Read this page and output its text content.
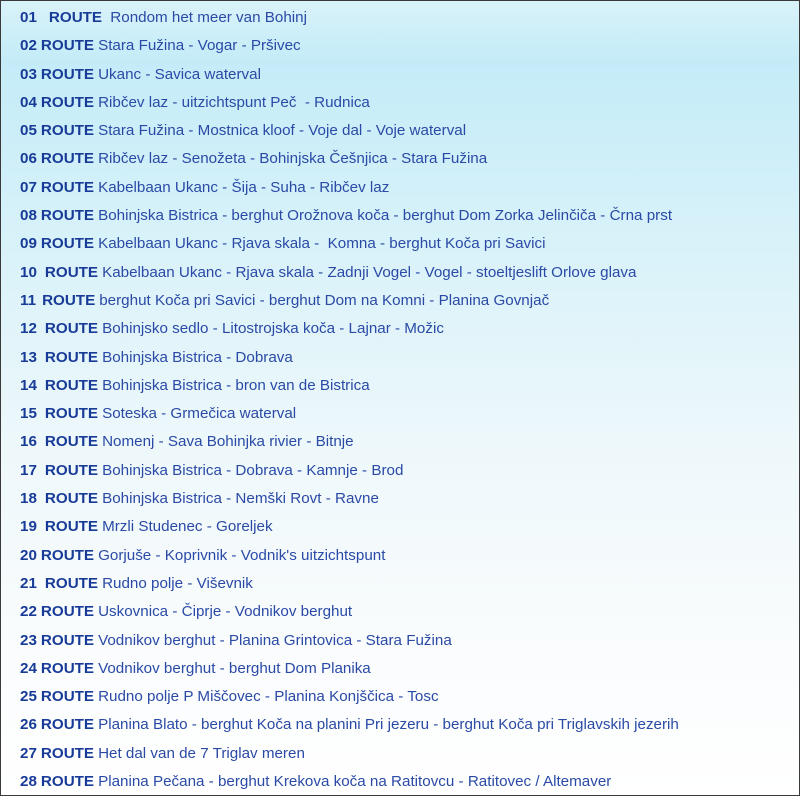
01 ROUTE Rondom het meer van Bohinj
02 ROUTE Stara Fužina - Vogar - Pršivec
03 ROUTE Ukanc - Savica waterval
04 ROUTE Ribčev laz - uitzichtspunt Peč  - Rudnica
05 ROUTE Stara Fužina - Mostnica kloof - Voje dal - Voje waterval
06 ROUTE Ribčev laz - Senožeta - Bohinjska Češnjica - Stara Fužina
07 ROUTE Kabelbaan Ukanc - Šija - Suha - Ribčev laz
08 ROUTE Bohinjska Bistrica - berghut Orožnova koča - berghut Dom Zorka Jelinčiča - Črna prst
09 ROUTE Kabelbaan Ukanc - Rjava skala -  Komna - berghut Koča pri Savici
10 ROUTE Kabelbaan Ukanc - Rjava skala - Zadnji Vogel - Vogel - stoeltjeslift Orlove glava
11 ROUTE berghut Koča pri Savici - berghut Dom na Komni - Planina Govnjač
12 ROUTE Bohinjsko sedlo - Litostrojska koča - Lajnar - Možic
13 ROUTE Bohinjska Bistrica - Dobrava
14 ROUTE Bohinjska Bistrica - bron van de Bistrica
15 ROUTE Soteska - Grmečica waterval
16 ROUTE Nomenj - Sava Bohinjka rivier - Bitnje
17 ROUTE Bohinjska Bistrica - Dobrava - Kamnje - Brod
18 ROUTE Bohinjska Bistrica - Nemški Rovt - Ravne
19 ROUTE Mrzli Studenec - Goreljek
20 ROUTE Gorjuše - Koprivnik - Vodnik's uitzichtspunt
21 ROUTE Rudno polje - Viševnik
22 ROUTE Uskovnica - Čiprje - Vodnikov berghut
23 ROUTE Vodnikov berghut - Planina Grintovica - Stara Fužina
24 ROUTE Vodnikov berghut - berghut Dom Planika
25 ROUTE Rudno polje P Miščovec - Planina Konjščica - Tosc
26 ROUTE Planina Blato - berghut Koča na planini Pri jezeru - berghut Koča pri Triglavskih jezerih
27 ROUTE Het dal van de 7 Triglav meren
28 ROUTE Planina Pečana - berghut Krekova koča na Ratitovcu - Ratitovec / Altemaver
